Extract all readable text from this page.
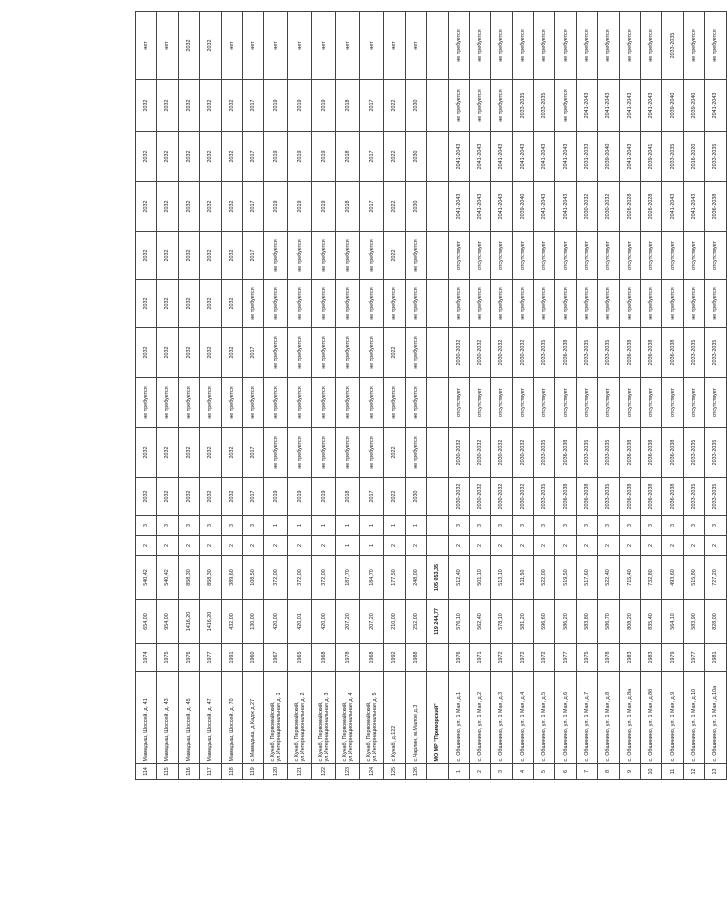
114	Мамадыш, Шоссей. д. 41	1974	654,00	540,42	2	3	2032	2032	не требуется	2032	2032	2032	2032	2032	2032	нет
115	Мамадыш, Шоссей. д. 43	1975	954,00	540,42	2	3	2032	2032	не требуется	2032	2032	2032	2032	2032	2032	нет
116	Мамадыш, Шоссей. д. 45	1976	1416,20	858,30	2	3	2032	2032	не требуется	2032	2032	2032	2032	2032	2032	2032
117	Мамадыш, Шоссей. д. 47	1977	1416,20	858,30	2	3	2032	2032	не требуется	2032	2032	2032	2032	2032	2032	2032
118	Мамадыш, Шоссей. д. 70	1991	432,00	389,60	2	3	2032	2032	не требуется	2032	2032	2032	2032	2032	2032	нет
119	с.Мамадыш, д.Кадж д.27	1960	130,00	108,50	2	3	2017	2017	не требуется	2017	не требуется	2017	2017	2017	2017	нет
120	с.Кунаб, Первомайский, ул.Интернациональная д. 1	1967	420,00	372,00	2	1	2019	не требуется	не требуется	не требуется	не требуется	не требуется	2019	2019	2019	нет
121	с.Кунаб, Первомайский, ул.Интернациональная д. 2	1965	420,01	372,00	2	1	2019	не требуется	не требуется	не требуется	не требуется	не требуется	2019	2019	2019	нет
122	с.Кунаб, Первомайский, ул.Интернациональная д. 3	1968	420,00	372,00	2	1	2019	не требуется	не требуется	не требуется	не требуется	не требуется	2019	2019	2019	нет
123	с.Кунаб, Первомайский, ул.Интернациональная д. 4	1978	207,20	187,70	1	1	2018	не требуется	не требуется	не требуется	не требуется	не требуется	2018	2018	2018	нет
124	с.Кунаб, Первомайский, ул.Интернациональная д. 5	1968	207,20	184,70	1	1	2017	не требуется	не требуется	не требуется	не требуется	не требуется	2017	2017	2017	нет
125	с.Кунаб, д.122	1992	210,00	177,50	2	1	2022	2022	не требуется	2022	не требуется	2022	2022	2022	2022	нет
126	с.Чарлин, м.Малое д.3	1988	252,00	248,00	2	1	2030	не требуется	не требуется	не требуется	не требуется	не требуется	2030	2030	2030	нет
	МО МР "Приморский"		119 244,77	105 053,35												
1	с. Обшинино, ул. 1 Мая, д.1	1976	576,10	512,40	2	3	2030-2032	2030-2032	отсутствует	2030-2032	не требуется	отсутствует	2041-2043	2041-2043	не требуется	не требуется
2	с. Обшинино, ул. 1 Мая, д.2	1971	562,40	501,10	2	3	2030-2032	2030-2032	отсутствует	2030-2032	не требуется	отсутствует	2041-2043	2041-2043	не требуется	не требуется
3	с. Обшинино, ул. 1 Мая, д.3	1972	578,10	513,10	2	3	2030-2032	2030-2032	отсутствует	2030-2032	не требуется	отсутствует	2041-2043	2041-2043	не требуется	не требуется
4	с. Обшинино, ул. 1 Мая, д.4	1972	581,20	511,50	2	3	2030-2032	2030-2032	отсутствует	2030-2032	не требуется	отсутствует	2039-2040	2041-2043	2033-2035	не требуется
5	с. Обшинино, ул. 1 Мая, д.5	1972	596,60	522,00	2	3	2033-2035	2033-2035	отсутствует	2033-2035	не требуется	отсутствует	2041-2043	2041-2043	2033-2035	не требуется
6	с. Обшинино, ул. 1 Мая, д.6	1977	586,20	519,50	2	3	2036-2038	2036-2038	отсутствует	2036-2038	не требуется	отсутствует	2041-2043	2041-2043	не требуется	не требуется
7	с. Обшинино, ул. 1 Мая, д.7	1975	583,80	517,60	2	3	2036-2038	2033-2035	отсутствует	2033-2035	не требуется	отсутствует	2030-2032	2031-2033	2041-2043	не требуется
8	с. Обшинино, ул. 1 Мая, д.8	1978	586,70	522,40	2	3	2033-2035	2033-2035	отсутствует	2033-2035	не требуется	отсутствует	2030-2032	2039-2040	2041-2043	не требуется
9	с. Обшинино, ул. 1 Мая, д.8а	1983	808,20	715,40	2	3	2036-2038	2036-2038	отсутствует	2036-2038	не требуется	отсутствует	2026-2028	2041-2043	2041-2043	не требуется
10	с. Обшинино, ул. 1 Мая, д.8б	1983	835,40	732,80	2	3	2036-2038	2036-2038	отсутствует	2036-2038	не требуется	отсутствует	2026-2028	2039-2041	2041-2043	не требуется
11	с. Обшинино, ул. 1 Мая, д.9	1979	564,10	493,60	2	3	2036-2038	2036-2038	отсутствует	2036-2038	не требуется	отсутствует	2041-2043	2033-2035	2039-2040	2033-2035
12	с. Обшинино, ул. 1 Мая, д.10	1977	583,90	515,80	2	3	2033-2035	2033-2035	отсутствует	2033-2035	не требуется	отсутствует	2041-2043	2016-2020	2039-2040	не требуется
13	с. Обшинино, ул. 1 Мая, д.10а	1981	828,00	727,20	2	3	2033-2035	2033-2035	отсутствует	2033-2035	не требуется	отсутствует	2036-2038	2033-2035	2041-2043	не требуется
